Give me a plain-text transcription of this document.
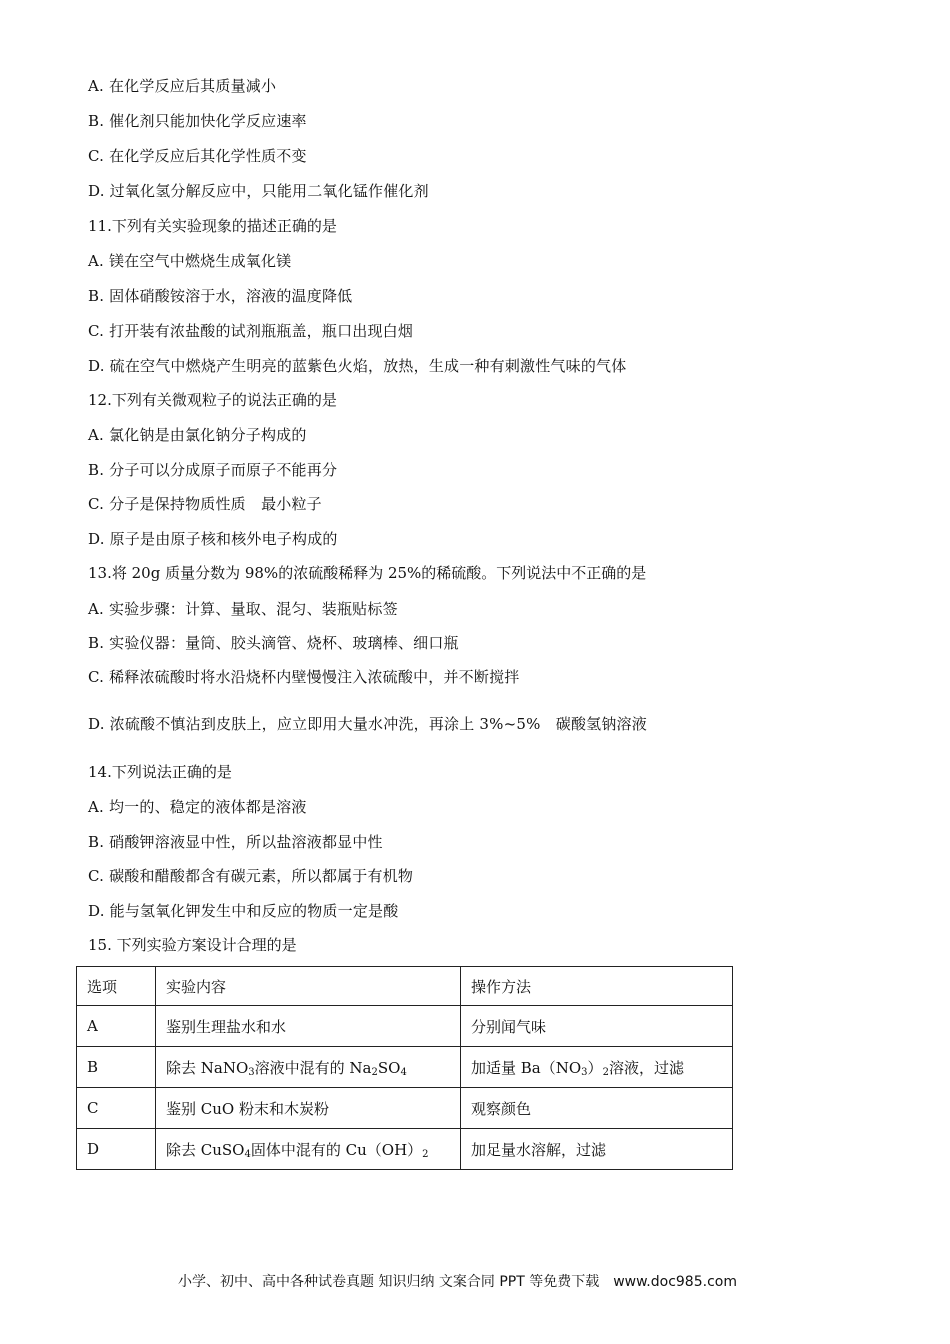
A. 在化学反应后其质量减小
B. 催化剂只能加快化学反应速率
C. 在化学反应后其化学性质不变
D. 过氧化氢分解反应中，只能用二氧化锰作催化剂
11.下列有关实验现象的描述正确的是
A. 镁在空气中燃烧生成氧化镁
B. 固体硝酸铵溶于水，溶液的温度降低
C. 打开装有浓盐酸的试剂瓶瓶盖，瓶口出现白烟
D. 硫在空气中燃烧产生明亮的蓝紫色火焰，放热，生成一种有刺激性气味的气体
12.下列有关微观粒子的说法正确的是
A. 氯化钠是由氯化钠分子构成的
B. 分子可以分成原子而原子不能再分
C. 分子是保持物质性质　最小粒子
D. 原子是由原子核和核外电子构成的
13.将 20g 质量分数为 98%的浓硫酸稀释为 25%的稀硫酸。下列说法中不正确的是
A. 实验步骤：计算、量取、混匀、装瓶贴标签
B. 实验仪器：量筒、胶头滴管、烧杯、玻璃棒、细口瓶
C. 稀释浓硫酸时将水沿烧杯内壁慢慢注入浓硫酸中，并不断搅拌
D. 浓硫酸不慎沾到皮肤上，应立即用大量水冲洗，再涂上 3%~5%　碳酸氢钠溶液
14.下列说法正确的是
A. 均一的、稳定的液体都是溶液
B. 硝酸钾溶液显中性，所以盐溶液都显中性
C. 碳酸和醋酸都含有碳元素，所以都属于有机物
D. 能与氢氧化钾发生中和反应的物质一定是酸
15. 下列实验方案设计合理的是
选项	实验内容	操作方法
A	鉴别生理盐水和水	分别闻气味
B	除去 NaNO$_3$溶液中混有的 $Na_2SO_4$	加适量 $Ba(NO_3)_2$溶液，过滤
C	鉴别 CuO 粉末和木炭粉	观察颜色
D	除去 CuSO$_4$固体中混有的 $Cu(OH)_2$	加足量水溶解，过滤
小学、初中、高中各种试卷真题 知识归纳 文案合同 PPT 等免费下载　www.doc985.com
